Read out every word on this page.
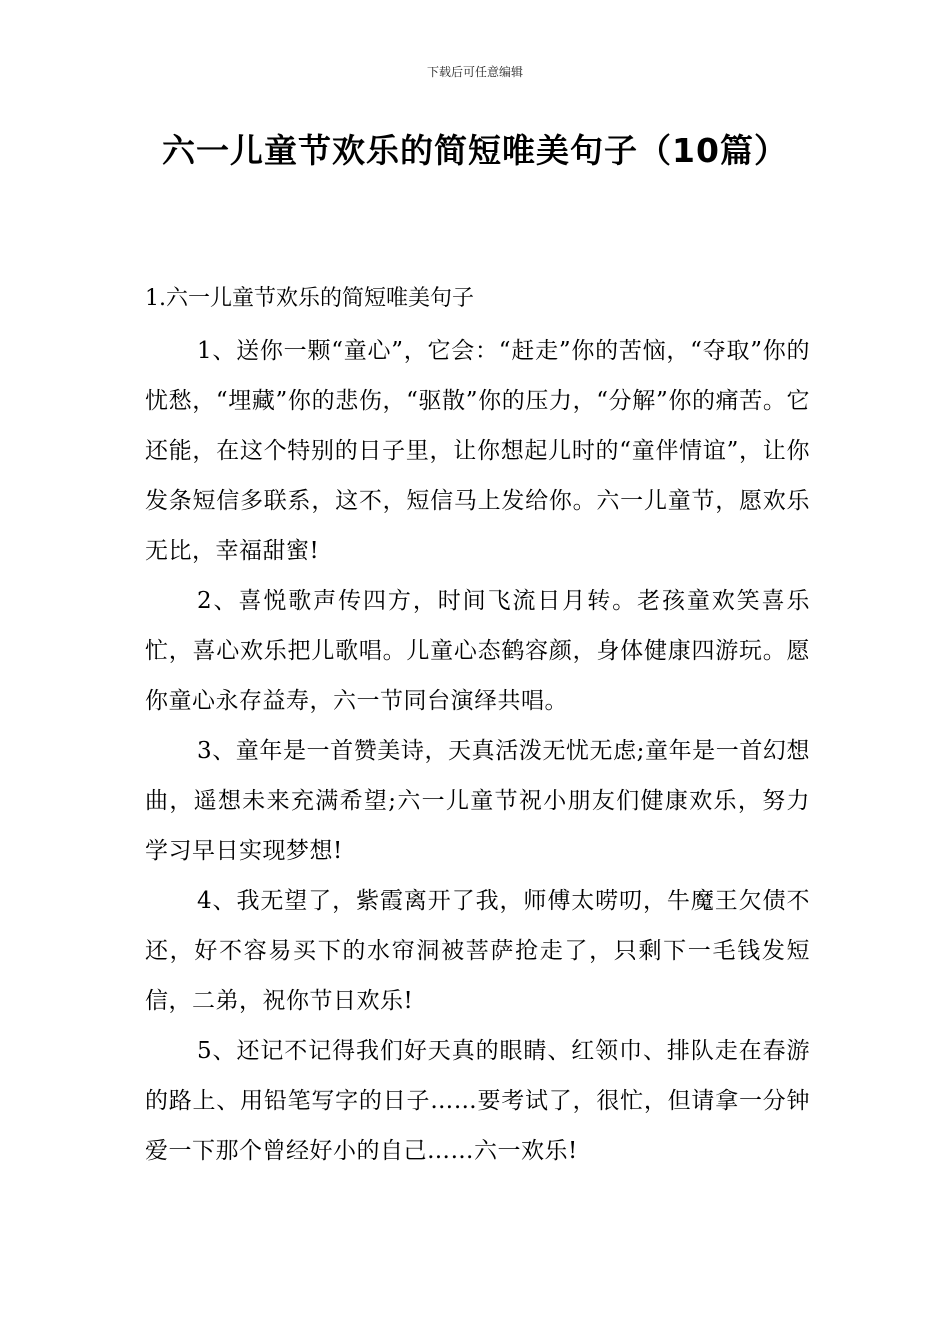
下载后可任意编辑
六一儿童节欢乐的简短唯美句子（10篇）
1.六一儿童节欢乐的简短唯美句子

1、送你一颗“童心”，它会：“赶走”你的苦恼，“夺取”你的忧愁，“埋藏”你的悲伤，“驱散”你的压力，“分解”你的痛苦。它还能，在这个特别的日子里，让你想起儿时的“童伴情谊”，让你发条短信多联系，这不，短信马上发给你。六一儿童节，愿欢乐无比，幸福甜蜜!

2、喜悦歌声传四方，时间飞流日月转。老孩童欢笑喜乐忙，喜心欢乐把儿歌唱。儿童心态鹤容颜，身体健康四游玩。愿你童心永存益寿，六一节同台演绎共唱。

3、童年是一首赞美诗，天真活泼无忧无虑;童年是一首幻想曲，遥想未来充满希望;六一儿童节祝小朋友们健康欢乐，努力学习早日实现梦想!

4、我无望了，紫霞离开了我，师傅太唠叨，牛魔王欠债不还，好不容易买下的水帘洞被菩萨抢走了，只剩下一毛钱发短信，二弟，祝你节日欢乐!

5、还记不记得我们好天真的眼睛、红领巾、排队走在春游的路上、用铅笔写字的日子……要考试了，很忙，但请拿一分钟爱一下那个曾经好小的自己……六一欢乐!
